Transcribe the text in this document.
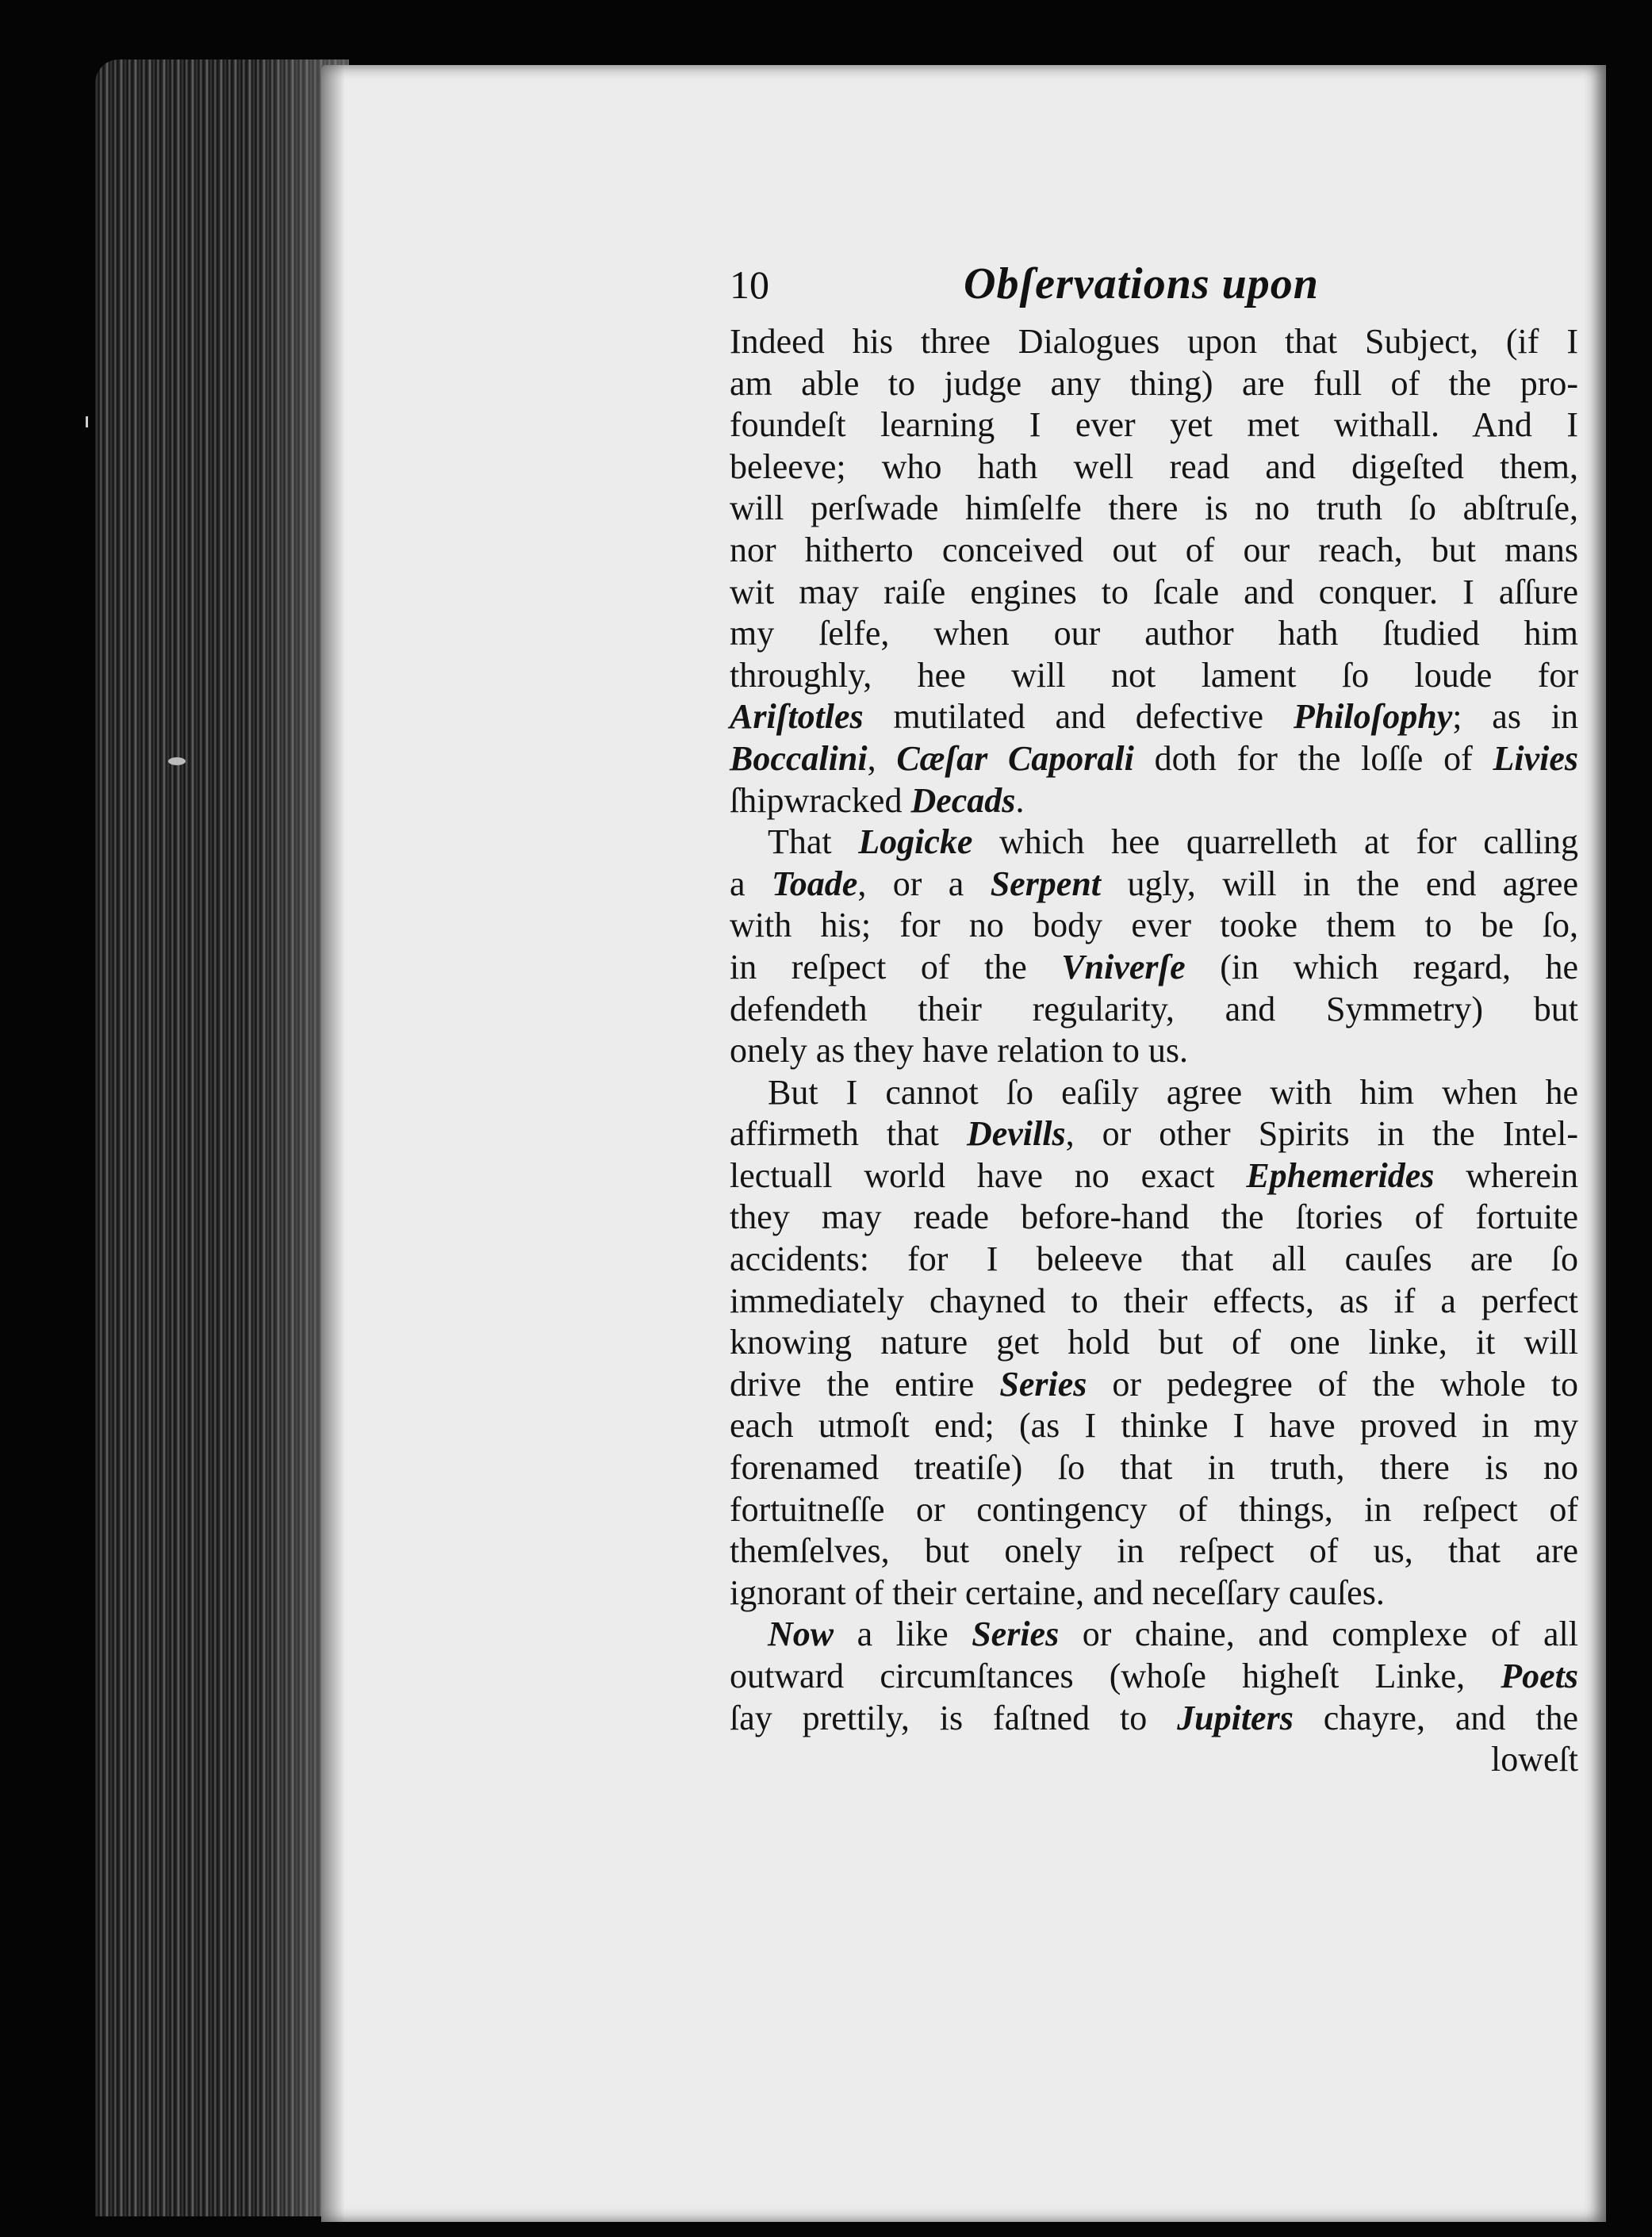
10	Obſervations upon
Indeed his three Dialogues upon that Subject, (if I
am able to judge any thing) are full of the pro-
foundeſt learning I ever yet met withall. And I
beleeve; who hath well read and digeſted them,
will perſwade himſelfe there is no truth ſo abſtruſe,
nor hitherto conceived out of our reach, but mans
wit may raiſe engines to ſcale and conquer. I aſſure
my ſelfe, when our author hath ſtudied him
throughly, hee will not lament ſo loude for
Ariſtotles mutilated and defective Philoſophy; as in
Boccalini, Cæſar Caporali doth for the loſſe of Livies
ſhipwracked Decads.
That Logicke which hee quarrelleth at for calling
a Toade, or a Serpent ugly, will in the end agree
with his; for no body ever tooke them to be ſo,
in reſpect of the Vniverſe (in which regard, he
defendeth their regularity, and Symmetry) but
onely as they have relation to us.
But I cannot ſo eaſily agree with him when he
affirmeth that Devills, or other Spirits in the Intel-
lectuall world have no exact Ephemerides wherein
they may reade before-hand the ſtories of fortuite
accidents: for I beleeve that all cauſes are ſo
immediately chayned to their effects, as if a perfect
knowing nature get hold but of one linke, it will
drive the entire Series or pedegree of the whole to
each utmoſt end; (as I thinke I have proved in my
forenamed treatiſe) ſo that in truth, there is no
fortuitneſſe or contingency of things, in reſpect of
themſelves, but onely in reſpect of us, that are
ignorant of their certaine, and neceſſary cauſes.
Now a like Series or chaine, and complexe of all
outward circumſtances (whoſe higheſt Linke, Poets
ſay prettily, is faſtned to Jupiters chayre, and the
loweſt
